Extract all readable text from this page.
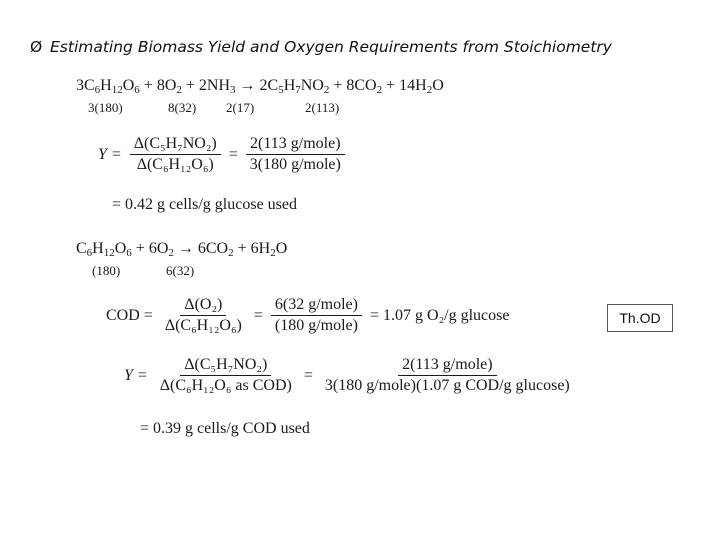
Ø Estimating Biomass Yield and Oxygen Requirements from Stoichiometry
$3C_6H_{12}O_6 + 8O_2 + 2NH_3 \to 2C_5H_7NO_2 + 8CO_2 + 14H_2O$
3(180)	8(32) 2(17)	2(113)
$Y = \frac{\text{Δ(C₅H₇NO₂)}}{\text{Δ(C₆H₁₂O₆)}} = \frac{\text{2(113 g/mole)}}{\text{3(180 g/mole)}}$
= 0.42 g cells/g glucose used
$C_6H_{12}O_6 + 6O_2 \to 6CO_2 + 6H_2O$
(180)	6(32)
COD = $\frac{\text{Δ(O₂)}}{\text{Δ(C₆H₁₂O₆)}} = \frac{\text{6(32 g/mole)}}{\text{(180 g/mole)}} = 1.07$ g O₂/g glucose	Th.OD
$Y = \frac{\text{Δ(C₅H₇NO₂)}}{\text{Δ(C₆H₁₂O₆ as COD)}} = \frac{\text{2(113 g/mole)}}{\text{3(180 g/mole)(1.07 g COD/g glucose)}}$
= 0.39 g cells/g COD used
